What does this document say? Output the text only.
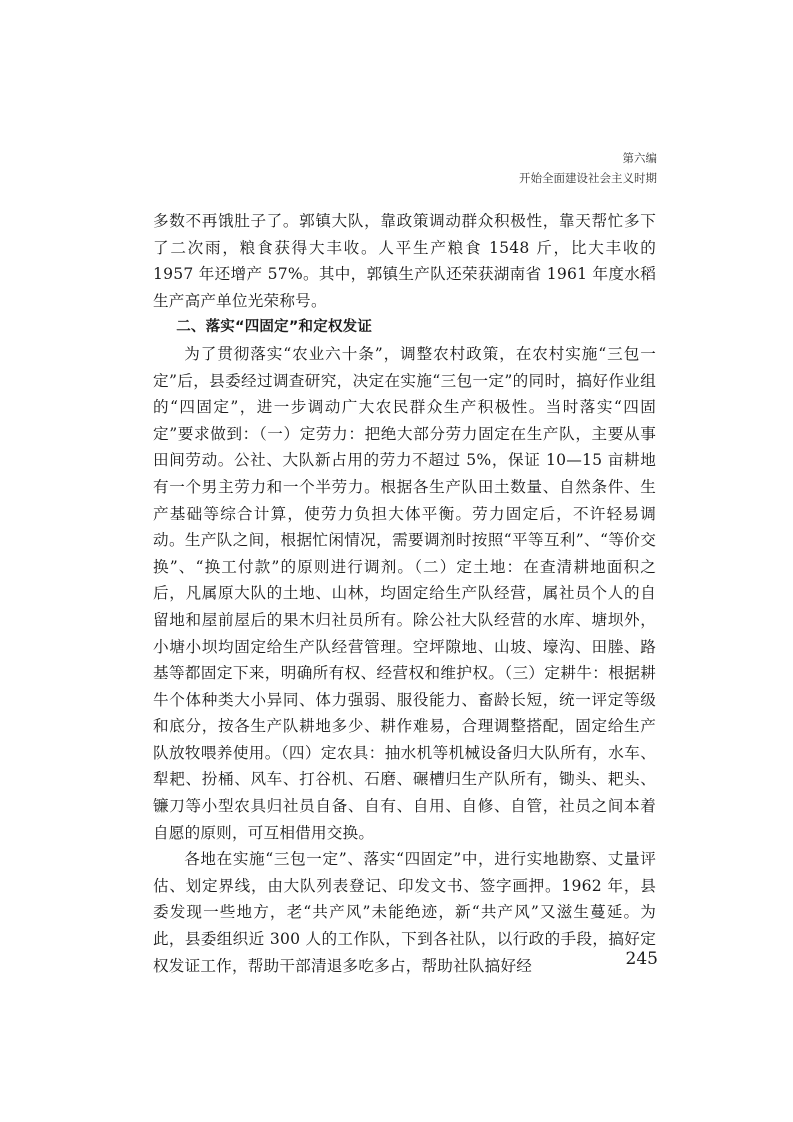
第六编
开始全面建设社会主义时期

多数不再饿肚子了。郭镇大队，靠政策调动群众积极性，靠天帮忙多下了二次雨，粮食获得大丰收。人平生产粮食 1548 斤，比大丰收的 1957 年还增产 57%。其中，郭镇生产队还荣获湖南省 1961 年度水稻生产高产单位光荣称号。

二、落实“四固定”和定权发证

为了贯彻落实“农业六十条”，调整农村政策，在农村实施“三包一定”后，县委经过调查研究，决定在实施“三包一定”的同时，搞好作业组的“四固定”，进一步调动广大农民群众生产积极性。当时落实“四固定”要求做到：（一）定劳力：把绝大部分劳力固定在生产队，主要从事田间劳动。公社、大队新占用的劳力不超过 5%，保证 10—15 亩耕地有一个男主劳力和一个半劳力。根据各生产队田土数量、自然条件、生产基础等综合计算，使劳力负担大体平衡。劳力固定后，不许轻易调动。生产队之间，根据忙闲情况，需要调剂时按照“平等互利”、“等价交换”、“换工付款”的原则进行调剂。（二）定土地：在查清耕地面积之后，凡属原大队的土地、山林，均固定给生产队经营，属社员个人的自留地和屋前屋后的果木归社员所有。除公社大队经营的水库、塘坝外，小塘小坝均固定给生产队经营管理。空坪隙地、山坡、壕沟、田塍、路基等都固定下来，明确所有权、经营权和维护权。（三）定耕牛：根据耕牛个体种类大小异同、体力强弱、服役能力、畜龄长短，统一评定等级和底分，按各生产队耕地多少、耕作难易，合理调整搭配，固定给生产队放牧喂养使用。（四）定农具：抽水机等机械设备归大队所有，水车、犁耙、扮桶、风车、打谷机、石磨、碾槽归生产队所有，锄头、耙头、镰刀等小型农具归社员自备、自有、自用、自修、自管，社员之间本着自愿的原则，可互相借用交换。

各地在实施“三包一定”、落实“四固定”中，进行实地勘察、丈量评估、划定界线，由大队列表登记、印发文书、签字画押。1962 年，县委发现一些地方，老“共产风”未能绝迹，新“共产风”又滋生蔓延。为此，县委组织近 300 人的工作队，下到各社队，以行政的手段，搞好定权发证工作，帮助干部清退多吃多占，帮助社队搞好经	245
